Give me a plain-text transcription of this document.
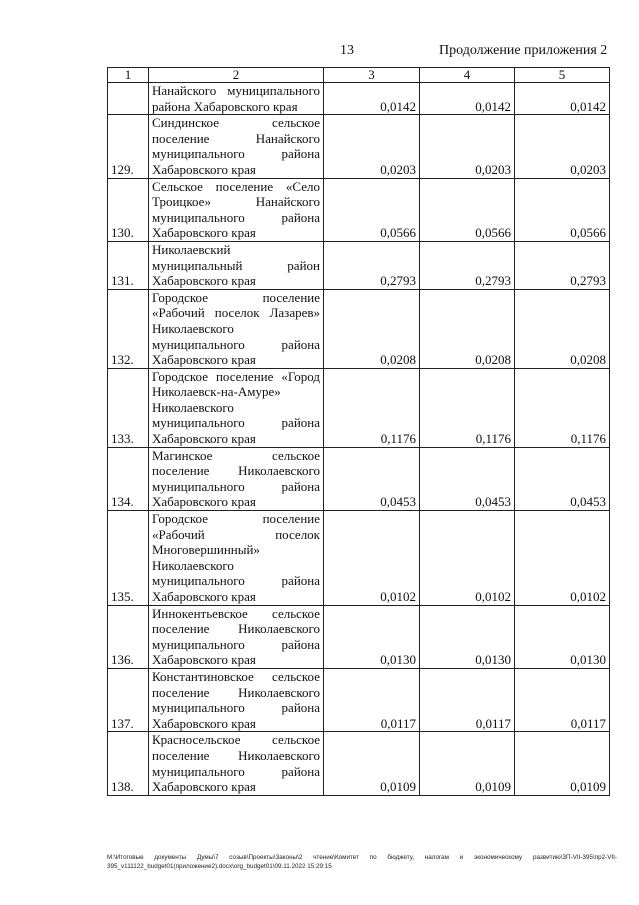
13	Продолжение приложения 2
1	2	3	4	5
	Нанайского муниципального района Хабаровского края	0,0142	0,0142	0,0142
129.	Синдинское сельское поселение Нанайского муниципального района Хабаровского края	0,0203	0,0203	0,0203
130.	Сельское поселение «Село Троицкое» Нанайского муниципального района Хабаровского края	0,0566	0,0566	0,0566
131.	Николаевский муниципальный район Хабаровского края	0,2793	0,2793	0,2793
132.	Городское поселение «Рабочий поселок Лазарев» Николаевского муниципального района Хабаровского края	0,0208	0,0208	0,0208
133.	Городское поселение «Город Николаевск-на-Амуре» Николаевского муниципального района Хабаровского края	0,1176	0,1176	0,1176
134.	Магинское сельское поселение Николаевского муниципального района Хабаровского края	0,0453	0,0453	0,0453
135.	Городское поселение «Рабочий поселок Многовершинный» Николаевского муниципального района Хабаровского края	0,0102	0,0102	0,0102
136.	Иннокентьевское сельское поселение Николаевского муниципального района Хабаровского края	0,0130	0,0130	0,0130
137.	Константиновское сельское поселение Николаевского муниципального района Хабаровского края	0,0117	0,0117	0,0117
138.	Красносельское сельское поселение Николаевского муниципального района Хабаровского края	0,0109	0,0109	0,0109
M:\Итоговые документы Думы\7 созыв\Проекты\Законы\2 чтение\Комитет по бюджету, налогам и экономическому развитию\3П-VII-395\пр2-VII-395_v111122_budget01(приложение2).docx\org_budget01\09.11.2022 15:29:15
